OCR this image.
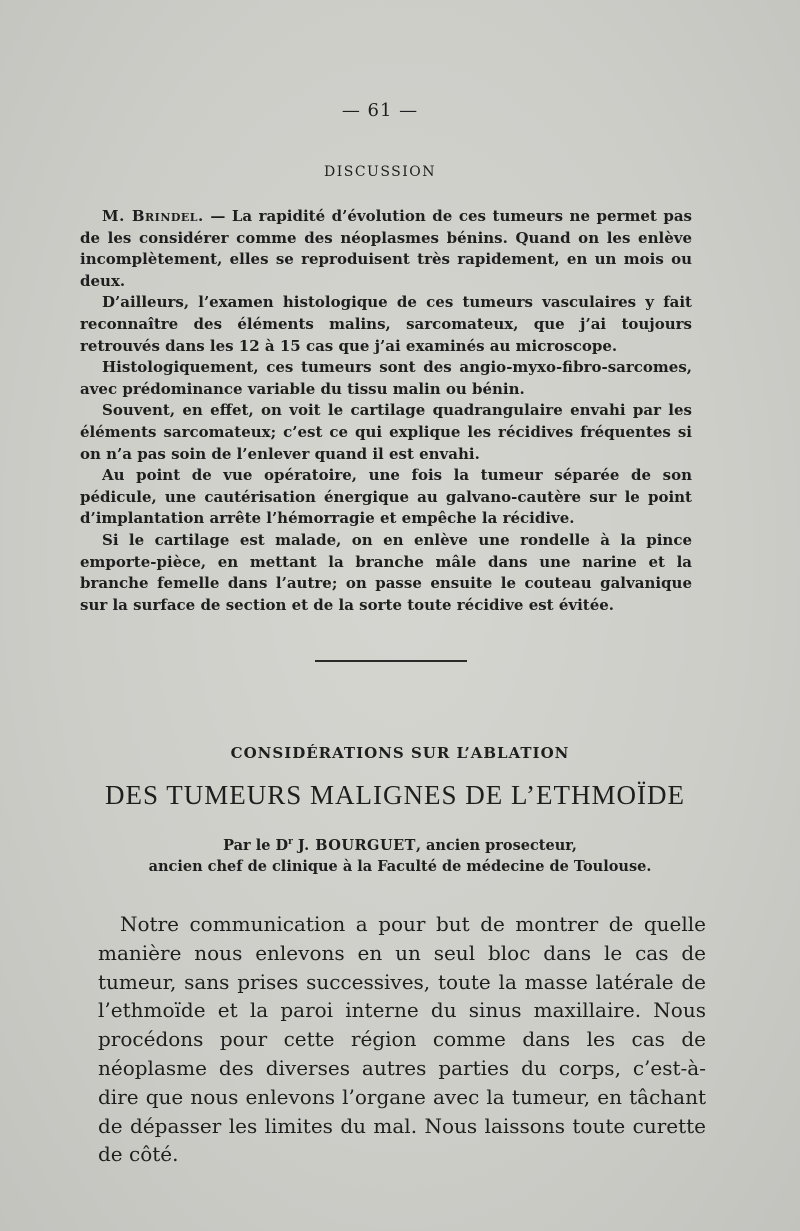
— 61 —
DISCUSSION

M. Brindel. — La rapidité d’évolution de ces tumeurs ne permet pas de les considérer comme des néoplasmes bénins. Quand on les enlève incomplètement, elles se reproduisent très rapidement, en un mois ou deux.

D’ailleurs, l’examen histologique de ces tumeurs vasculaires y fait reconnaître des éléments malins, sarcomateux, que j’ai toujours retrouvés dans les 12 à 15 cas que j’ai examinés au microscope.

Histologiquement, ces tumeurs sont des angio-myxo-fibro-sarcomes, avec prédominance variable du tissu malin ou bénin.

Souvent, en effet, on voit le cartilage quadrangulaire envahi par les éléments sarcomateux; c’est ce qui explique les récidives fréquentes si on n’a pas soin de l’enlever quand il est envahi.

Au point de vue opératoire, une fois la tumeur séparée de son pédicule, une cautérisation énergique au galvano-cautère sur le point d’implantation arrête l’hémorragie et empêche la récidive.

Si le cartilage est malade, on en enlève une rondelle à la pince emporte-pièce, en mettant la branche mâle dans une narine et la branche femelle dans l’autre; on passe ensuite le couteau galvanique sur la surface de section et de la sorte toute récidive est évitée.

CONSIDÉRATIONS SUR L’ABLATION
DES TUMEURS MALIGNES DE L’ETHMOÏDE
Par le $D^r$ J. BOURGUET, ancien prosecteur,
ancien chef de clinique à la Faculté de médecine de Toulouse.

Notre communication a pour but de montrer de quelle manière nous enlevons en un seul bloc dans le cas de tumeur, sans prises successives, toute la masse latérale de l’ethmoïde et la paroi interne du sinus maxillaire. Nous procédons pour cette région comme dans les cas de néoplasme des diverses autres parties du corps, c’est-à-dire que nous enlevons l’organe avec la tumeur, en tâchant de dépasser les limites du mal. Nous laissons toute curette de côté.
